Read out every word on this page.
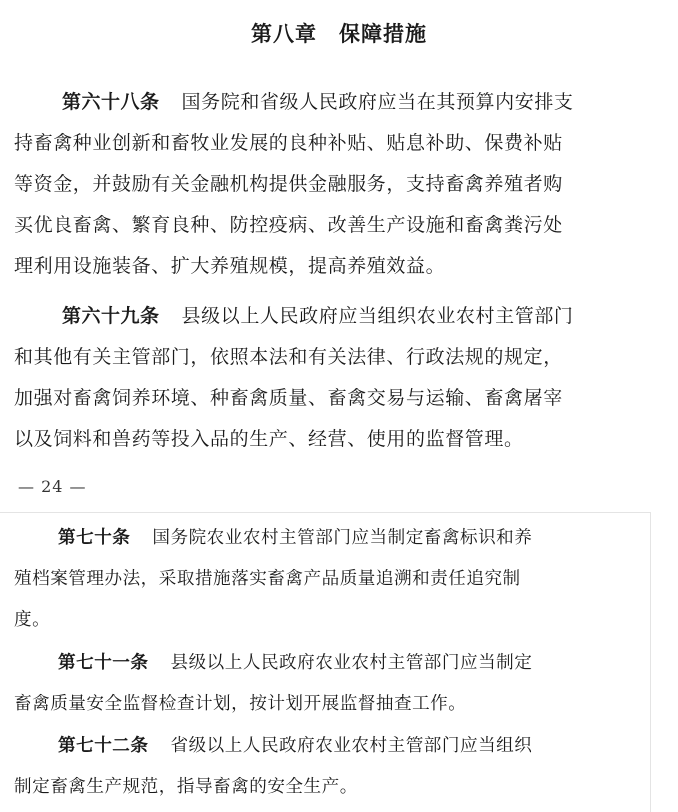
第八章　保障措施
第六十八条 国务院和省级人民政府应当在其预算内安排支
持畜禽种业创新和畜牧业发展的良种补贴、贴息补助、保费补贴
等资金，并鼓励有关金融机构提供金融服务，支持畜禽养殖者购
买优良畜禽、繁育良种、防控疫病、改善生产设施和畜禽粪污处
理利用设施装备、扩大养殖规模，提高养殖效益。
第六十九条 县级以上人民政府应当组织农业农村主管部门
和其他有关主管部门，依照本法和有关法律、行政法规的规定，
加强对畜禽饲养环境、种畜禽质量、畜禽交易与运输、畜禽屠宰
以及饲料和兽药等投入品的生产、经营、使用的监督管理。
— 24 —
第七十条 国务院农业农村主管部门应当制定畜禽标识和养
殖档案管理办法，采取措施落实畜禽产品质量追溯和责任追究制
度。
第七十一条 县级以上人民政府农业农村主管部门应当制定
畜禽质量安全监督检查计划，按计划开展监督抽查工作。
第七十二条 省级以上人民政府农业农村主管部门应当组织
制定畜禽生产规范，指导畜禽的安全生产。
